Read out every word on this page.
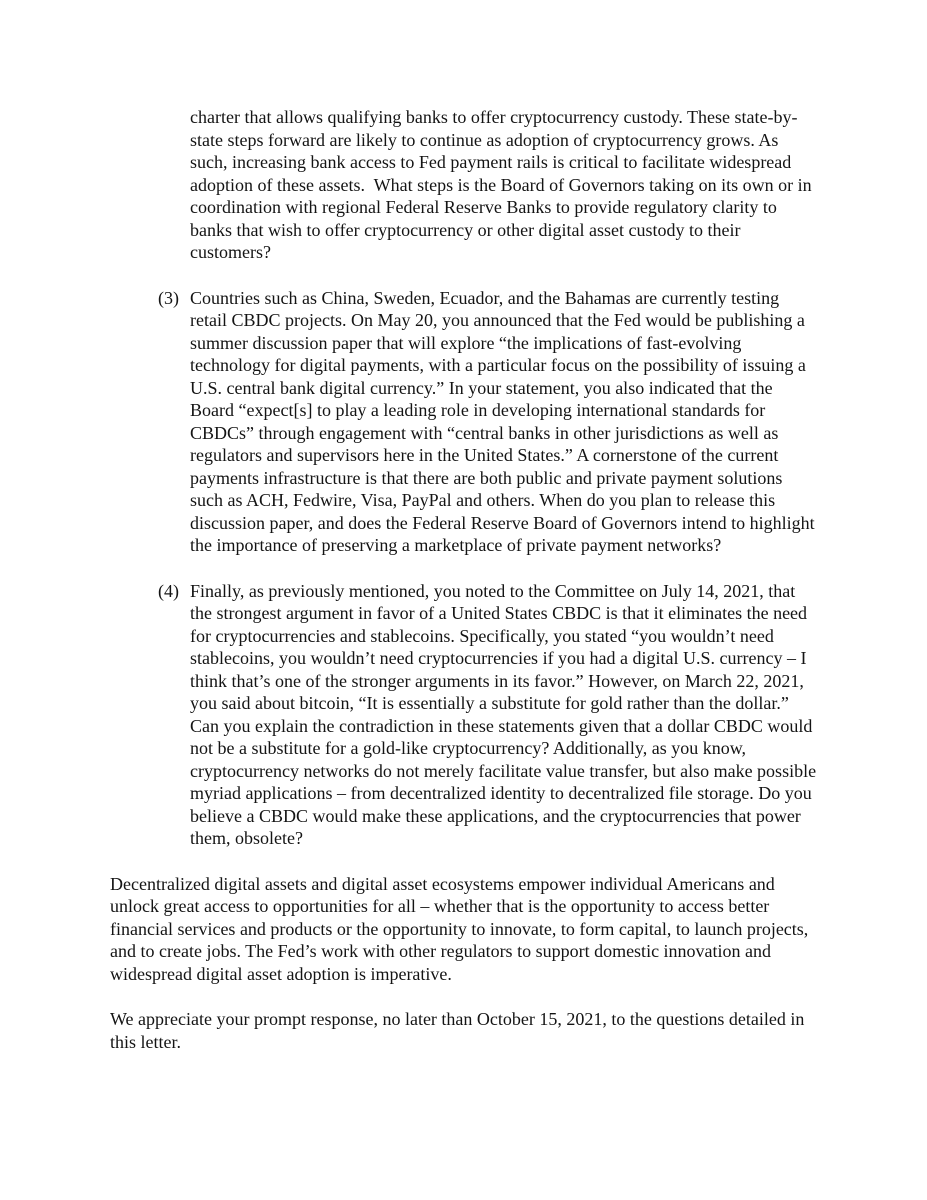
charter that allows qualifying banks to offer cryptocurrency custody. These state-by-state steps forward are likely to continue as adoption of cryptocurrency grows. As such, increasing bank access to Fed payment rails is critical to facilitate widespread adoption of these assets.  What steps is the Board of Governors taking on its own or in coordination with regional Federal Reserve Banks to provide regulatory clarity to banks that wish to offer cryptocurrency or other digital asset custody to their customers?

(3) Countries such as China, Sweden, Ecuador, and the Bahamas are currently testing retail CBDC projects. On May 20, you announced that the Fed would be publishing a summer discussion paper that will explore “the implications of fast-evolving technology for digital payments, with a particular focus on the possibility of issuing a U.S. central bank digital currency.” In your statement, you also indicated that the Board “expect[s] to play a leading role in developing international standards for CBDCs” through engagement with “central banks in other jurisdictions as well as regulators and supervisors here in the United States.” A cornerstone of the current payments infrastructure is that there are both public and private payment solutions such as ACH, Fedwire, Visa, PayPal and others. When do you plan to release this discussion paper, and does the Federal Reserve Board of Governors intend to highlight the importance of preserving a marketplace of private payment networks?

(4) Finally, as previously mentioned, you noted to the Committee on July 14, 2021, that the strongest argument in favor of a United States CBDC is that it eliminates the need for cryptocurrencies and stablecoins. Specifically, you stated “you wouldn’t need stablecoins, you wouldn’t need cryptocurrencies if you had a digital U.S. currency – I think that’s one of the stronger arguments in its favor.” However, on March 22, 2021, you said about bitcoin, “It is essentially a substitute for gold rather than the dollar.” Can you explain the contradiction in these statements given that a dollar CBDC would not be a substitute for a gold-like cryptocurrency? Additionally, as you know, cryptocurrency networks do not merely facilitate value transfer, but also make possible myriad applications – from decentralized identity to decentralized file storage. Do you believe a CBDC would make these applications, and the cryptocurrencies that power them, obsolete?

Decentralized digital assets and digital asset ecosystems empower individual Americans and unlock great access to opportunities for all – whether that is the opportunity to access better financial services and products or the opportunity to innovate, to form capital, to launch projects, and to create jobs. The Fed’s work with other regulators to support domestic innovation and widespread digital asset adoption is imperative.

We appreciate your prompt response, no later than October 15, 2021, to the questions detailed in this letter.
